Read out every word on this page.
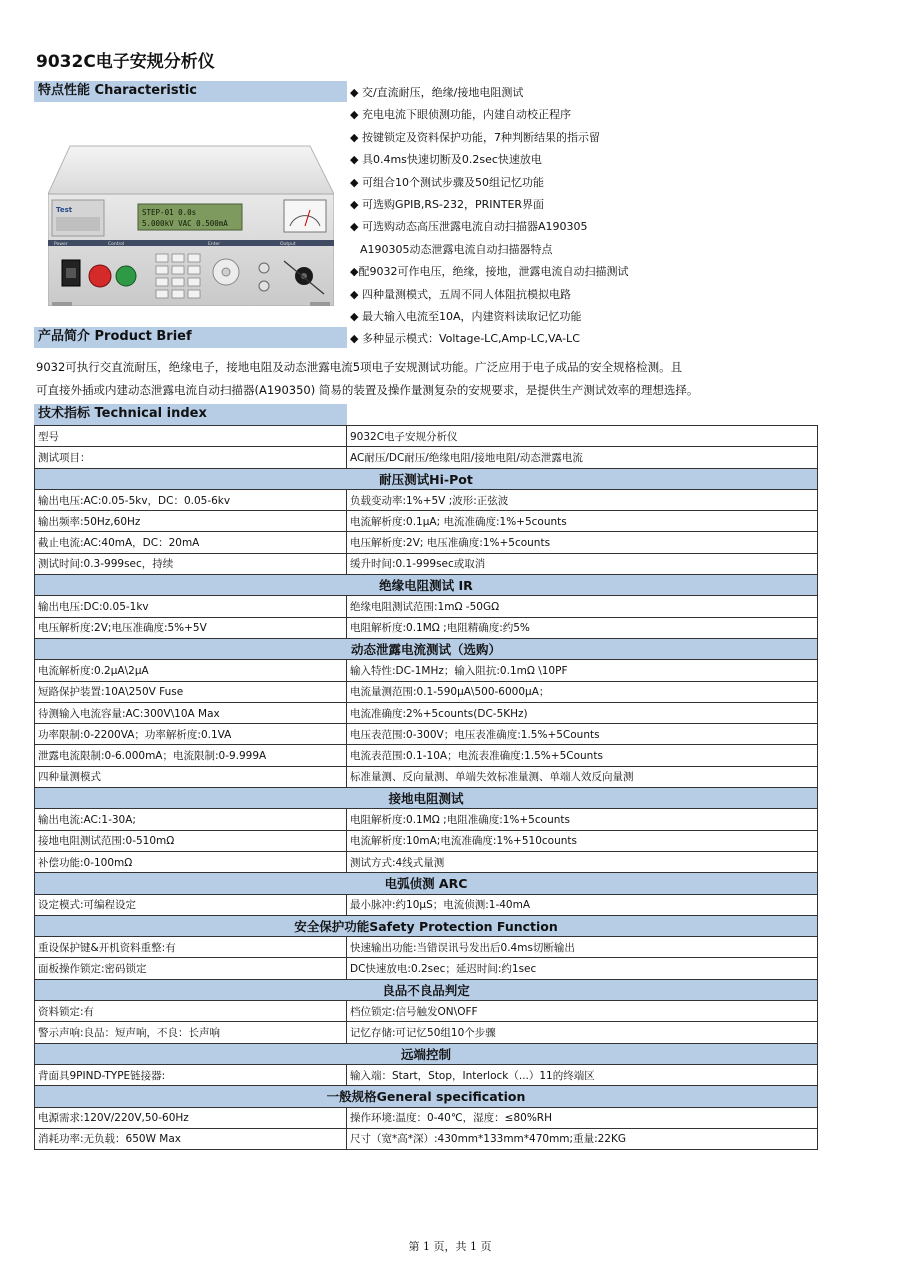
9032C电子安规分析仪
特点性能 Characteristic	◆ 交/直流耐压，绝缘/接地电阻测试
◆ 充电电流下眼侦测功能，内建自动校正程序
◆ 按键锁定及资料保护功能，7种判断结果的指示留
◆ 具0.4ms快速切断及0.2sec快速放电
◆ 可组合10个测试步骤及50组记忆功能
◆ 可选购GPIB,RS-232，PRINTER界面
◆ 可选购动态高压泄露电流自动扫描器A190305
A190305动态泄露电流自动扫描器特点
◆配9032可作电压，绝缘，接地，泄露电流自动扫描测试
◆ 四种量测模式，五周不同人体阻抗模拟电路
◆ 最大输入电流至10A，内建资料读取记忆功能
◆ 多种显示模式：Voltage-LC,Amp-LC,VA-LC
Test	STEP-01 0.0s
5.000kV VAC 0.500mA
Power	Control	Enter	Output
产品简介 Product Brief

9032可执行交直流耐压，绝缘电子，接地电阻及动态泄露电流5项电子安规测试功能。广泛应用于电子成品的安全规格检测。且

可直接外插或内建动态泄露电流自动扫描器(A190350) 简易的装置及操作量测复杂的安规要求，是提供生产测试效率的理想选择。

技术指标 Technical index
型号	9032C电子安规分析仪
测试项目：	AC耐压/DC耐压/绝缘电阻/接地电阻/动态泄露电流
耐压测试Hi-Pot	
输出电压:AC:0.05-5kv，DC：0.05-6kv	负载变动率:1%+5V ;波形:正弦波
输出频率:50Hz,60Hz	电流解析度:0.1μA; 电流准确度:1%+5counts
截止电流:AC:40mA，DC：20mA	电压解析度:2V; 电压准确度:1%+5counts
测试时间:0.3-999sec，持续	缓升时间:0.1-999sec或取消
绝缘电阻测试 IR	
输出电压:DC:0.05-1kv	绝缘电阻测试范围:1mΩ -50GΩ
电压解析度:2V;电压准确度:5%+5V	电阻解析度:0.1MΩ ;电阻精确度:约5%
动态泄露电流测试（选购）	
电流解析度:0.2μA\2μA	输入特性:DC-1MHz；输入阻抗:0.1mΩ \10PF
短路保护装置:10A\250V Fuse	电流量测范围:0.1-590μA\500-6000μA；
待测输入电流容量:AC:300V\10A Max	电流准确度:2%+5counts(DC-5KHz)
功率限制:0-2200VA；功率解析度:0.1VA	电压表范围:0-300V；电压表准确度:1.5%+5Counts
泄露电流限制:0-6.000mA；电流限制:0-9.999A	电流表范围:0.1-10A；电流表准确度:1.5%+5Counts
四种量测模式	标准量测、反向量测、单端失效标准量测、单端人效反向量测
接地电阻测试	
输出电流:AC:1-30A;	电阻解析度:0.1MΩ ;电阻准确度:1%+5counts
接地电阻测试范围:0-510mΩ	电流解析度:10mA;电流准确度:1%+510counts
补偿功能:0-100mΩ	测试方式:4线式量测
电弧侦测 ARC	
设定模式:可编程设定	最小脉冲:约10μS；电流侦测:1-40mA
安全保护功能Safety Protection Function	
重设保护键&开机资料重整:有	快速输出功能:当错误讯号发出后0.4ms切断输出
面板操作锁定:密码锁定	DC快速放电:0.2sec；延迟时间:约1sec
良品不良品判定	
资料锁定:有	档位锁定:信号触发ON\OFF
警示声响:良品：短声响，不良：长声响	记忆存储:可记忆50组10个步骤
远端控制	
背面具9PIND-TYPE链接器:	输入端：Start，Stop，Interlock（...）11的终端区
一般规格General specification	
电源需求:120V/220V,50-60Hz	操作环境:温度：0-40℃，湿度：≤80%RH
消耗功率:无负载：650W Max	尺寸（宽*高*深）:430mm*133mm*470mm;重量:22KG
第 1 页，共 1 页
